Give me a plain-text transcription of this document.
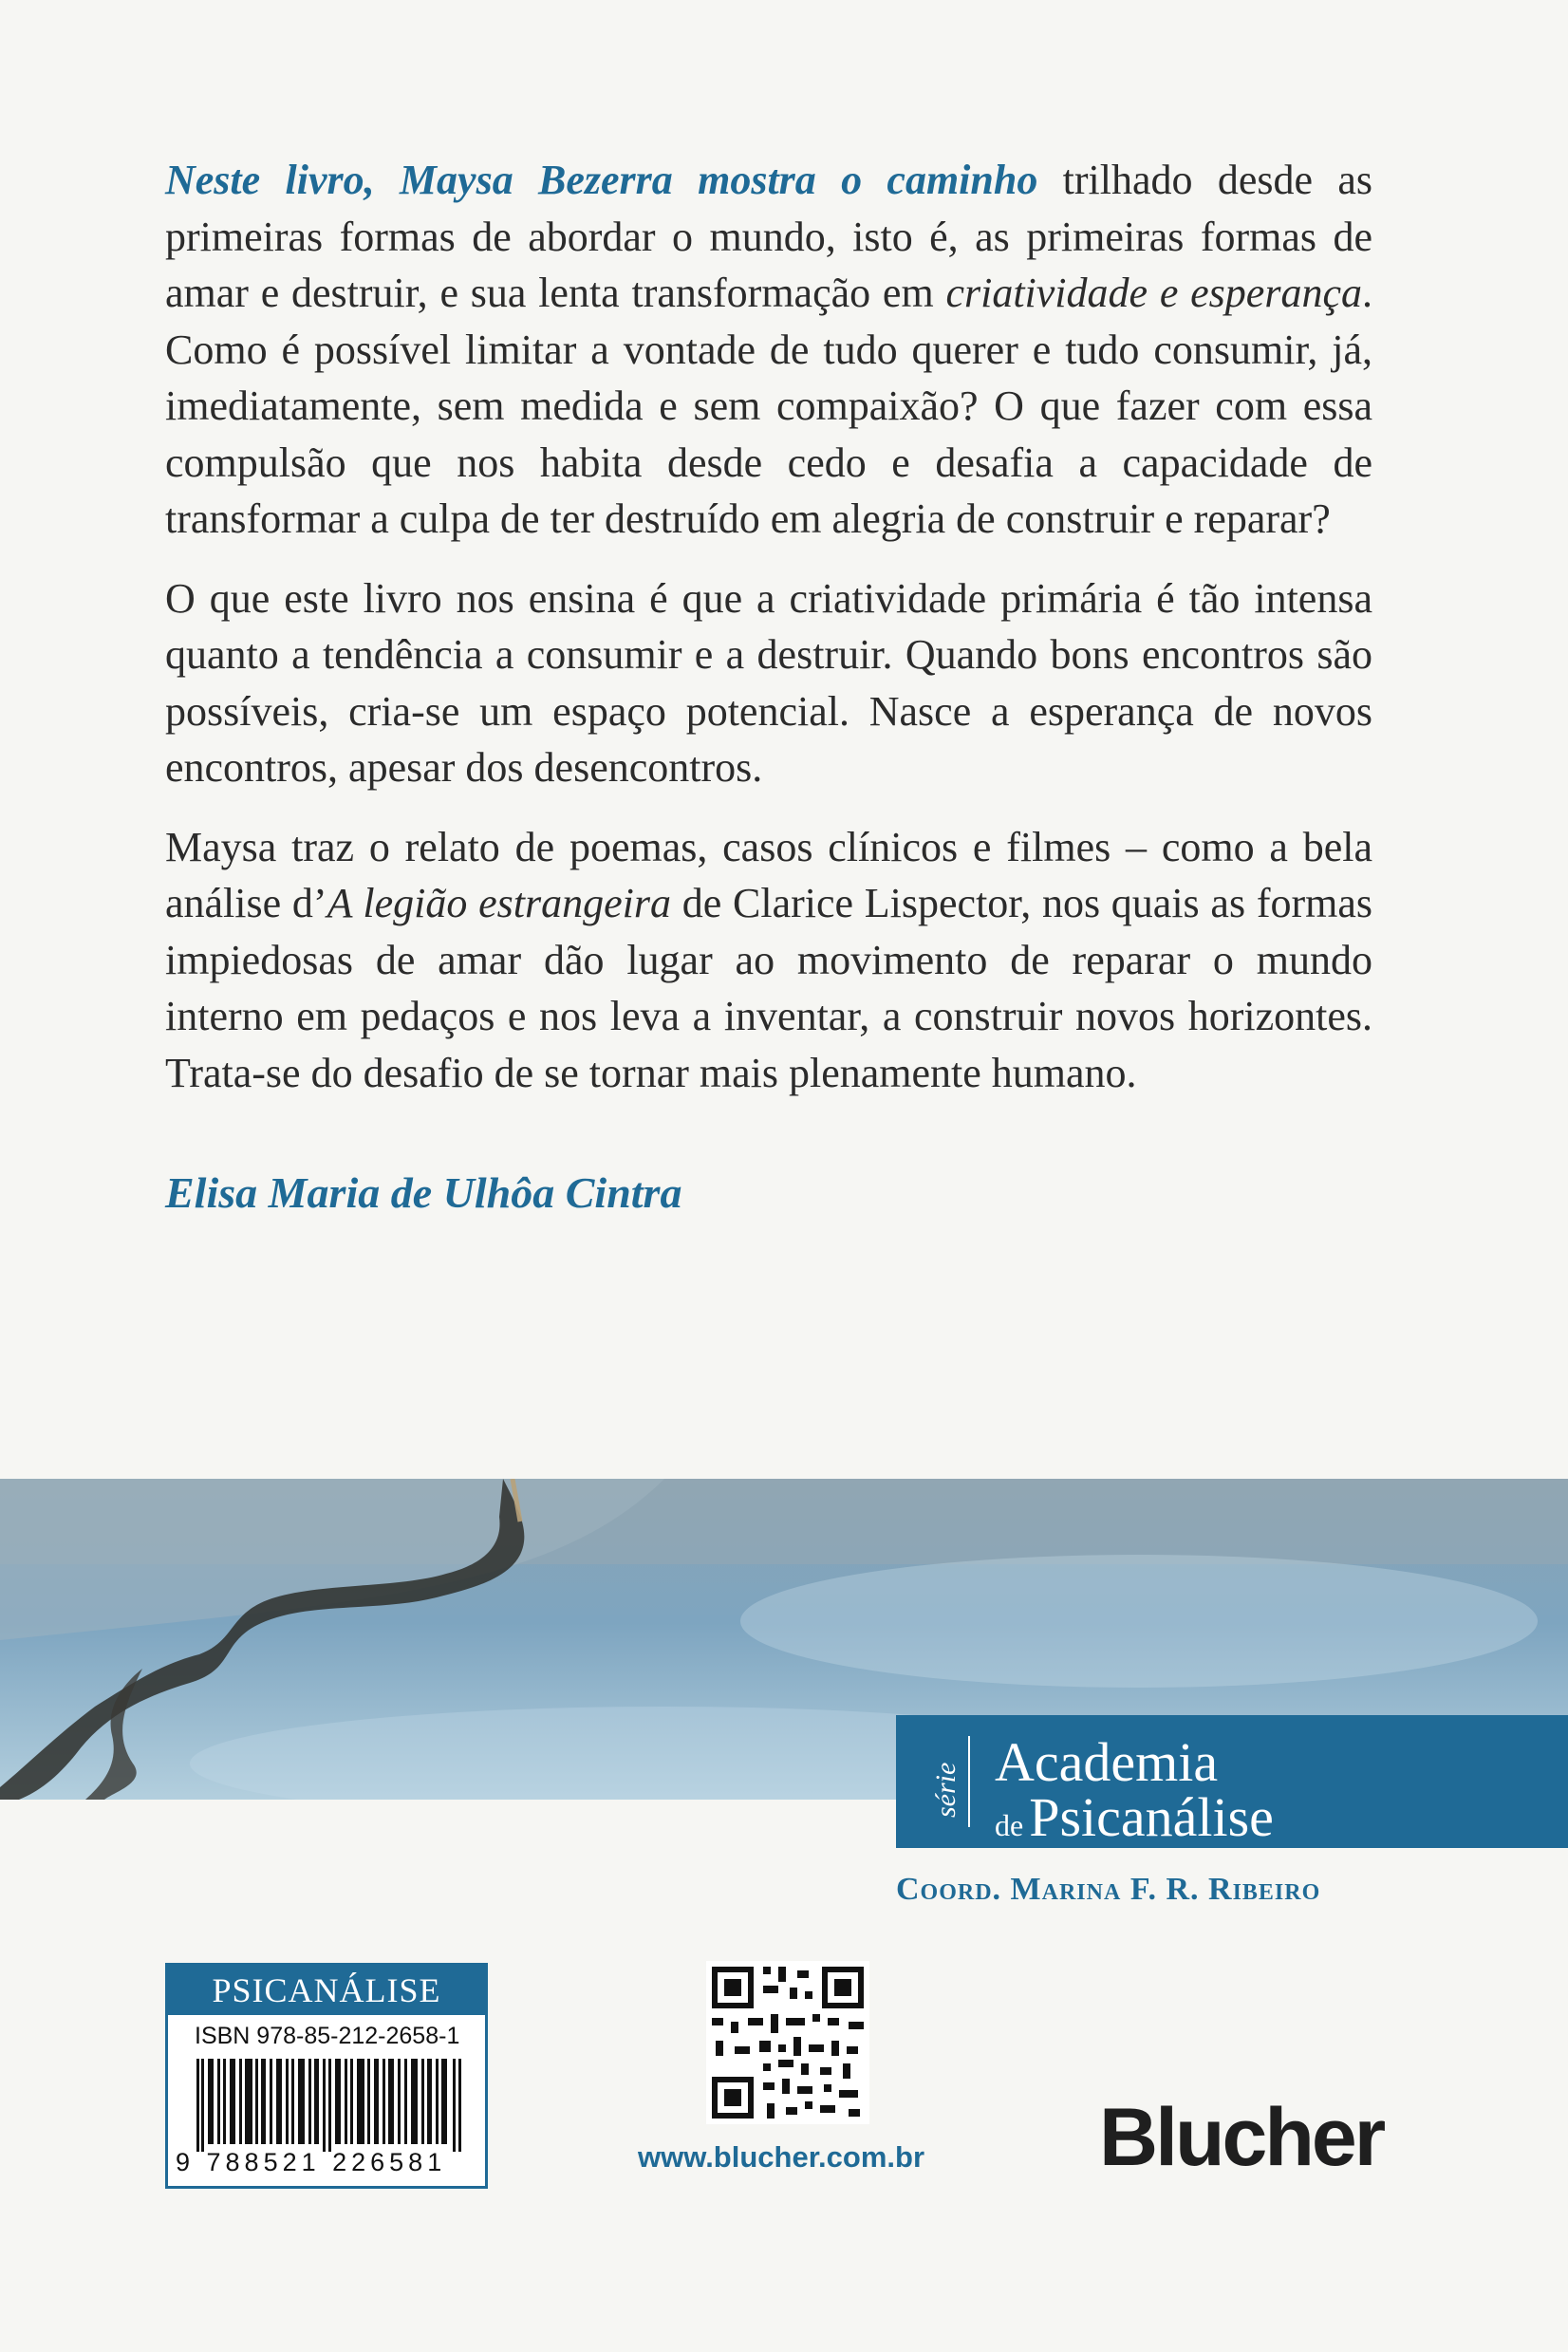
Neste livro, Maysa Bezerra mostra o caminho trilhado desde as primeiras formas de abordar o mundo, isto é, as primeiras formas de amar e destruir, e sua lenta transformação em criatividade e esperança. Como é possível limitar a vontade de tudo querer e tudo consumir, já, imediatamente, sem medida e sem compaixão? O que fazer com essa compulsão que nos habita desde cedo e desafia a capacidade de transformar a culpa de ter destruído em alegria de construir e reparar?

O que este livro nos ensina é que a criatividade primária é tão intensa quanto a tendência a consumir e a destruir. Quando bons encontros são possíveis, cria-se um espaço potencial. Nasce a esperança de novos encontros, apesar dos desencontros.

Maysa traz o relato de poemas, casos clínicos e filmes – como a bela análise d’A legião estrangeira de Clarice Lispector, nos quais as formas impiedosas de amar dão lugar ao movimento de reparar o mundo interno em pedaços e nos leva a inventar, a construir novos horizontes. Trata-se do desafio de se tornar mais plenamente humano.

Elisa Maria de Ulhôa Cintra
série Academia
de Psicanálise
Coord. Marina F. R. Ribeiro
PSICANÁLISE
ISBN 978-85-212-2658-1
9 788521 226581	www.blucher.com.br Blucher
